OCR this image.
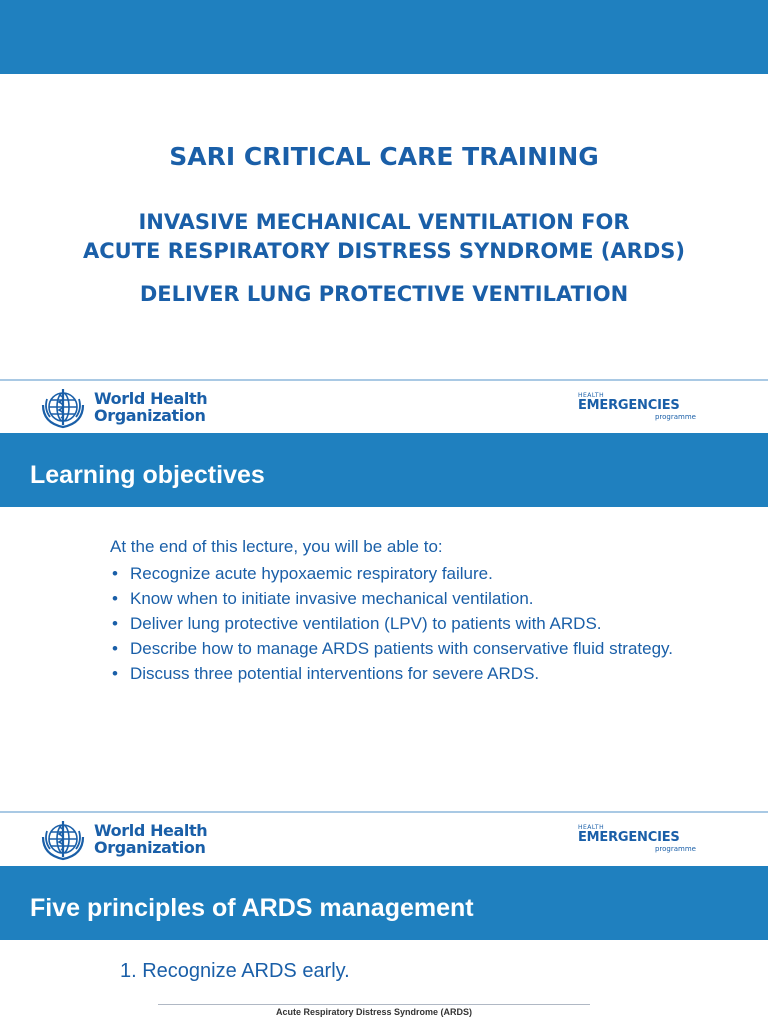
SARI CRITICAL CARE TRAINING
INVASIVE MECHANICAL VENTILATION FOR
ACUTE RESPIRATORY DISTRESS SYNDROME (ARDS)
DELIVER LUNG PROTECTIVE VENTILATION
World Health
Organization
HEALTH
EMERGENCIES
programme
Learning objectives
At the end of this lecture, you will be able to:
• Recognize acute hypoxaemic respiratory failure.
• Know when to initiate invasive mechanical ventilation.
• Deliver lung protective ventilation (LPV) to patients with ARDS.
• Describe how to manage ARDS patients with conservative fluid strategy.
• Discuss three potential interventions for severe ARDS.
World Health
Organization
HEALTH
EMERGENCIES
programme
Five principles of ARDS management
1. Recognize ARDS early.
Acute Respiratory Distress Syndrome (ARDS)
